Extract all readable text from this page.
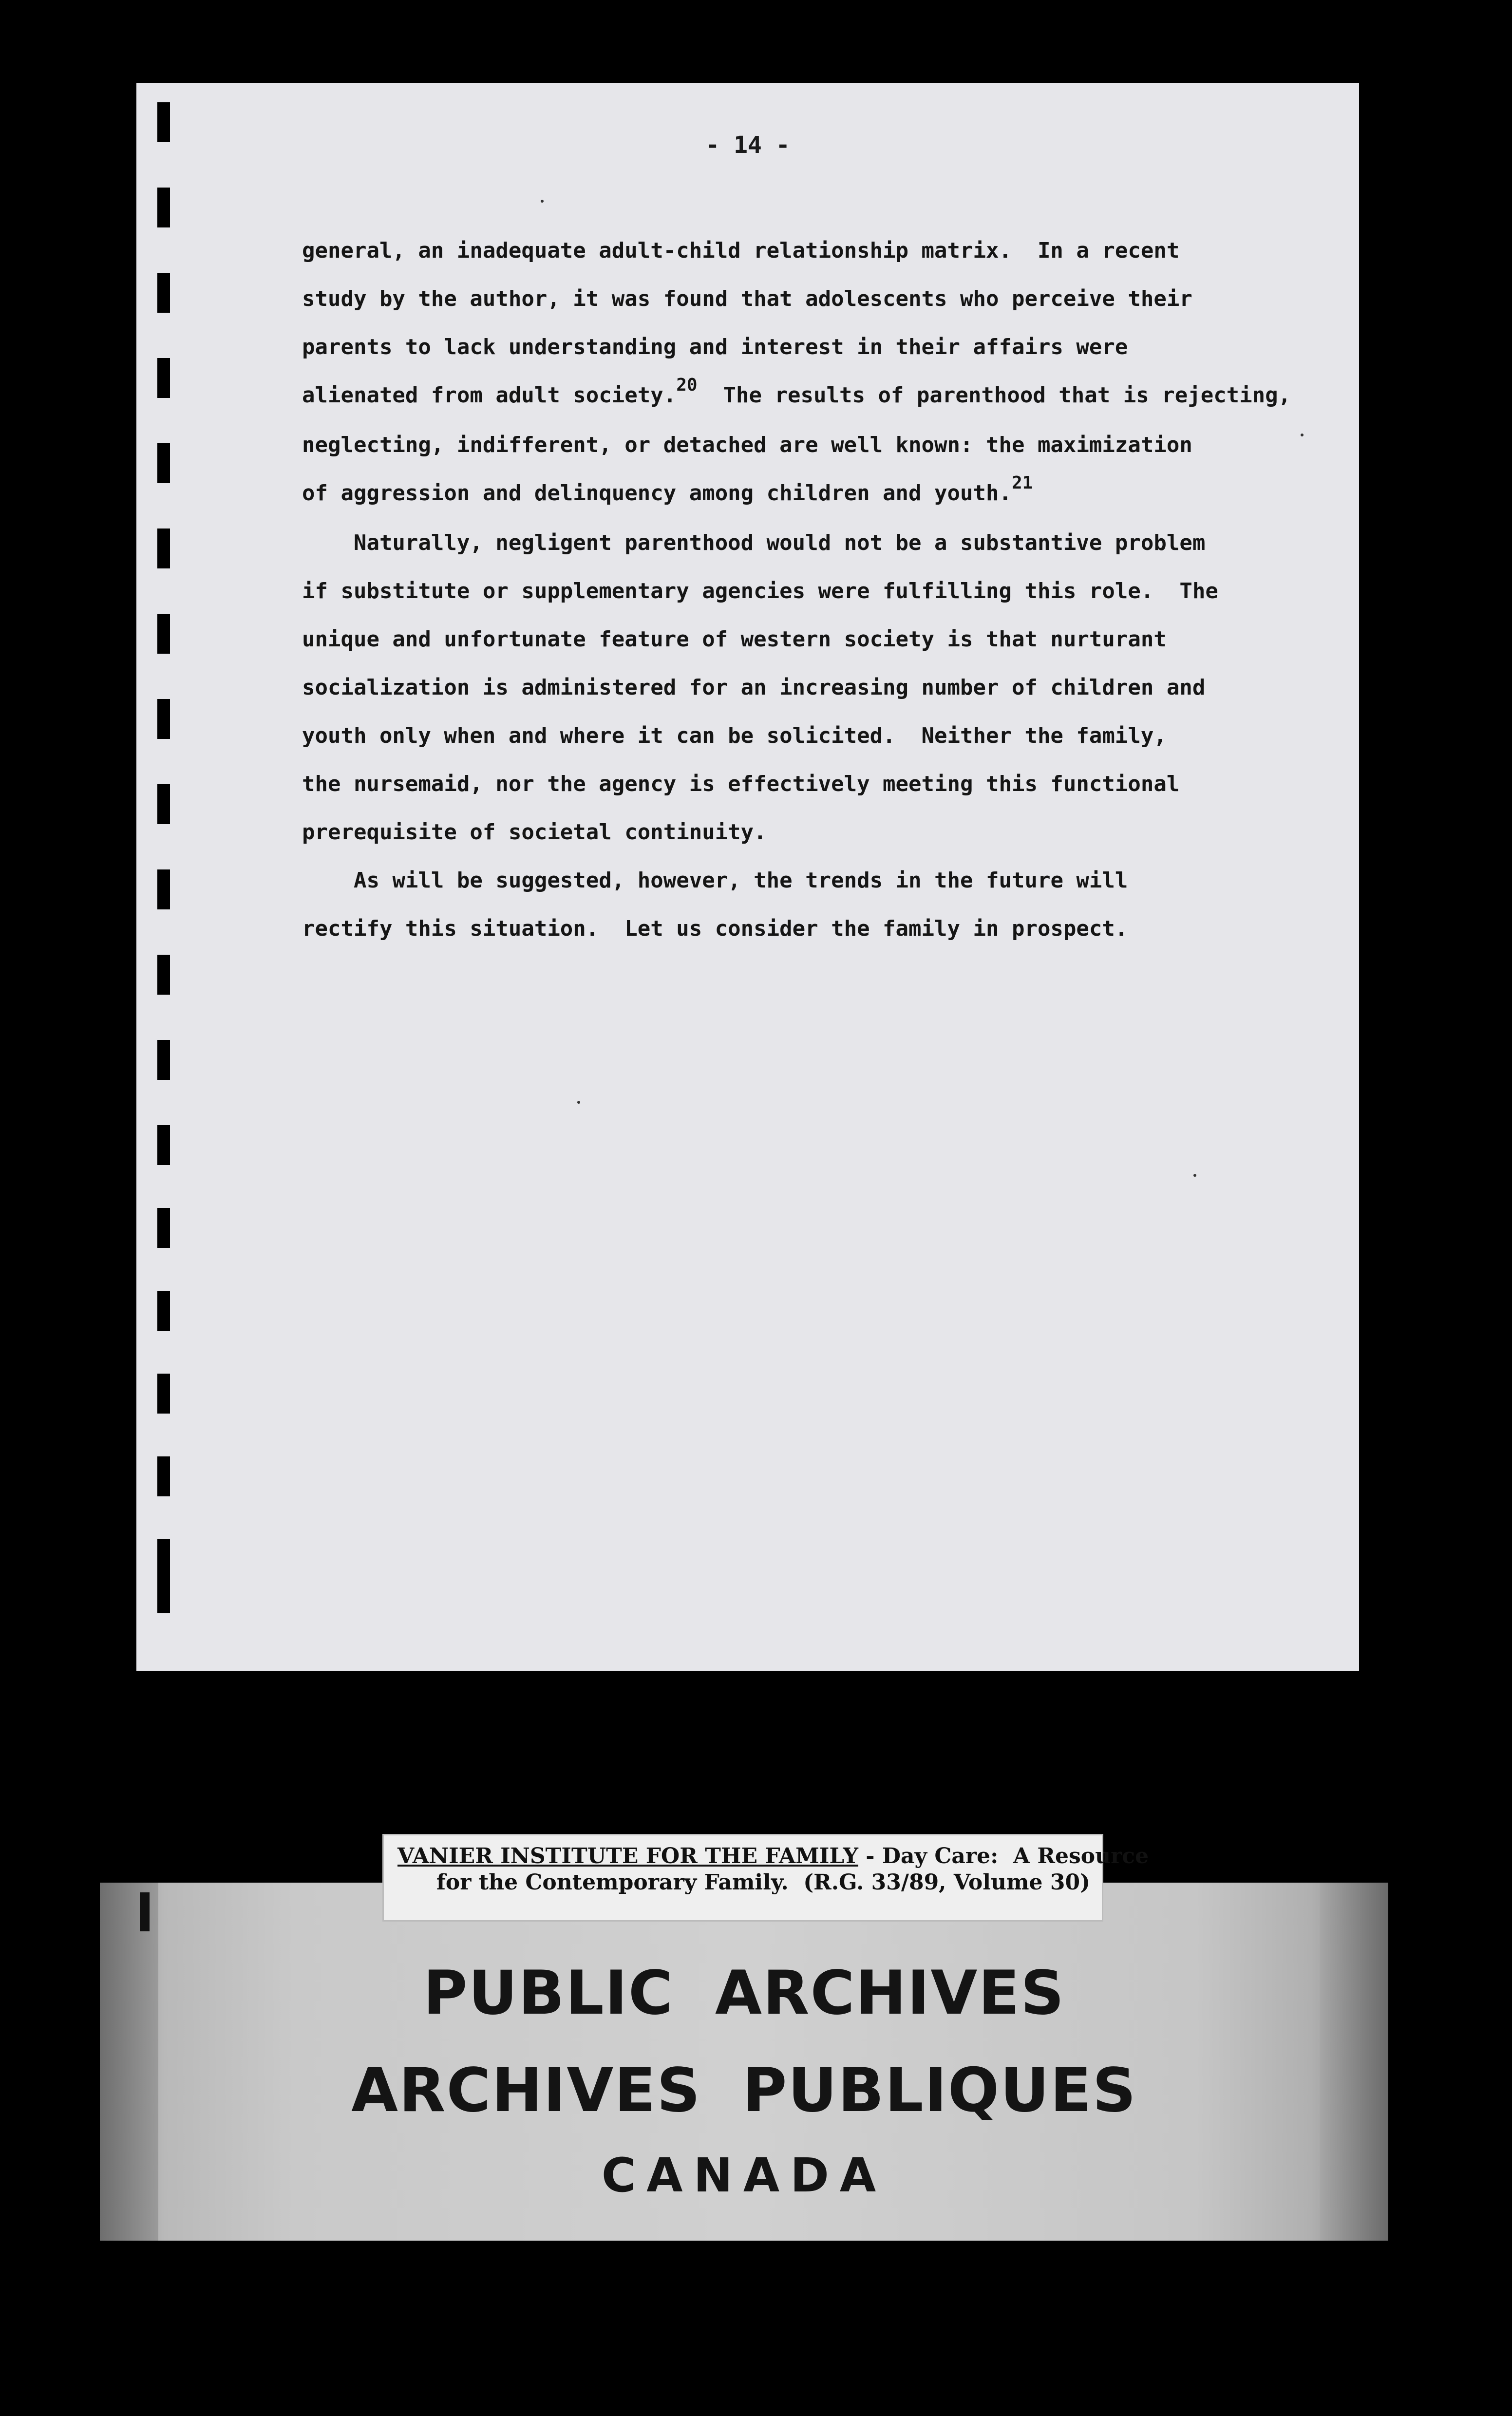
- 14 -

general, an inadequate adult-child relationship matrix.  In a recent
study by the author, it was found that adolescents who perceive their
parents to lack understanding and interest in their affairs were
alienated from adult society.$^{20}$  The results of parenthood that is rejecting,
neglecting, indifferent, or detached are well known: the maximization
of aggression and delinquency among children and youth.$^{21}$

Naturally, negligent parenthood would not be a substantive problem
if substitute or supplementary agencies were fulfilling this role.  The
unique and unfortunate feature of western society is that nurturant
socialization is administered for an increasing number of children and
youth only when and where it can be solicited.  Neither the family,
the nursemaid, nor the agency is effectively meeting this functional
prerequisite of societal continuity.

As will be suggested, however, the trends in the future will
rectify this situation.  Let us consider the family in prospect.

VANIER INSTITUTE FOR THE FAMILY - Day Care:  A Resource
for the Contemporary Family.  (R.G. 33/89, Volume 30)
PUBLIC ARCHIVES
ARCHIVES PUBLIQUES
CANADA
